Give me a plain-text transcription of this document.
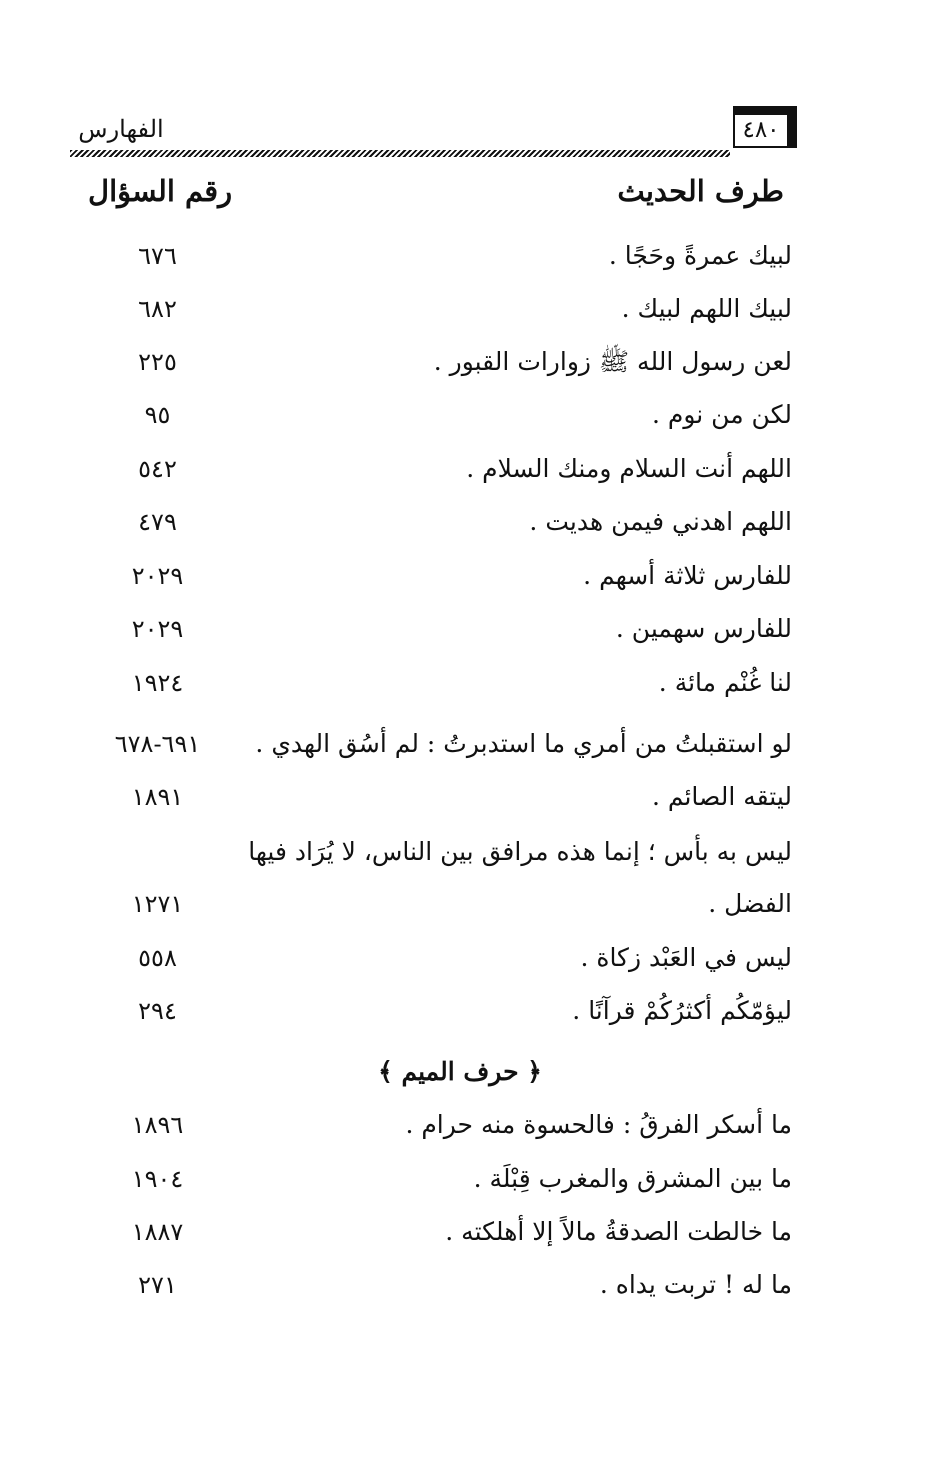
٤٨٠
الفهارس
طرف الحديث
رقم السؤال
لبيك عمرةً وحَجًا .
٦٧٦
لبيك اللهم لبيك .
٦٨٢
لعن رسول الله ﷺ زوارات القبور .
٢٢٥
لكن من نوم .
٩٥
اللهم أنت السلام ومنك السلام .
٥٤٢
اللهم اهدني فيمن هديت .
٤٧٩
للفارس ثلاثة أسهم .
٢٠٢٩
للفارس سهمين .
٢٠٢٩
لنا غُنْم مائة .
١٩٢٤
لو استقبلتُ من أمري ما استدبرتُ : لم أسُق الهدي .
٦٩١-٦٧٨
ليتقه الصائم .
١٨٩١
ليس به بأس ؛ إنما هذه مرافق بين الناس، لا يُرَاد فيها
الفضل .
١٢٧١
ليس في العَبْد زكاة .
٥٥٨
ليؤمّكُم أكثرُكُمْ قرآنًا .
٢٩٤
﴿ حرف الميم ﴾
ما أسكر الفرقُ : فالحسوة منه حرام .
١٨٩٦
ما بين المشرق والمغرب قِبْلَة .
١٩٠٤
ما خالطت الصدقةُ مالاً إلا أهلكته .
١٨٨٧
ما له ! تربت يداه .
٢٧١
